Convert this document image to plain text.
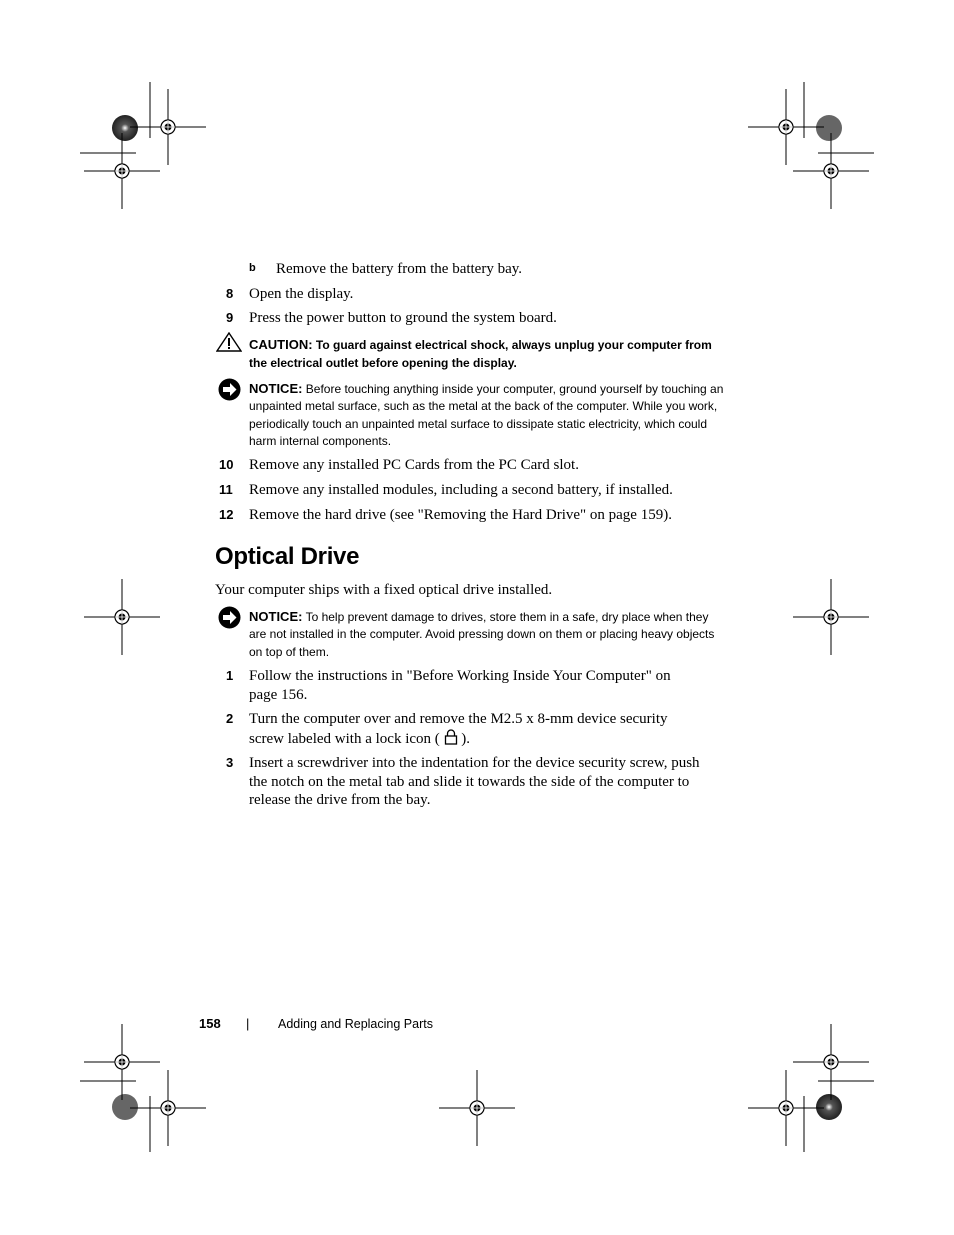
b Remove the battery from the battery bay.
8 Open the display.
9 Press the power button to ground the system board.
CAUTION: To guard against electrical shock, always unplug your computer from the electrical outlet before opening the display.
NOTICE: Before touching anything inside your computer, ground yourself by touching an unpainted metal surface, such as the metal at the back of the computer. While you work, periodically touch an unpainted metal surface to dissipate static electricity, which could harm internal components.
10 Remove any installed PC Cards from the PC Card slot.
11 Remove any installed modules, including a second battery, if installed.
12 Remove the hard drive (see "Removing the Hard Drive" on page 159).
Optical Drive
Your computer ships with a fixed optical drive installed.
NOTICE: To help prevent damage to drives, store them in a safe, dry place when they are not installed in the computer. Avoid pressing down on them or placing heavy objects on top of them.
1 Follow the instructions in "Before Working Inside Your Computer" on page 156.
2 Turn the computer over and remove the M2.5 x 8-mm device security screw labeled with a lock icon ( ).
3 Insert a screwdriver into the indentation for the device security screw, push the notch on the metal tab and slide it towards the side of the computer to release the drive from the bay.
158 | Adding and Replacing Parts
